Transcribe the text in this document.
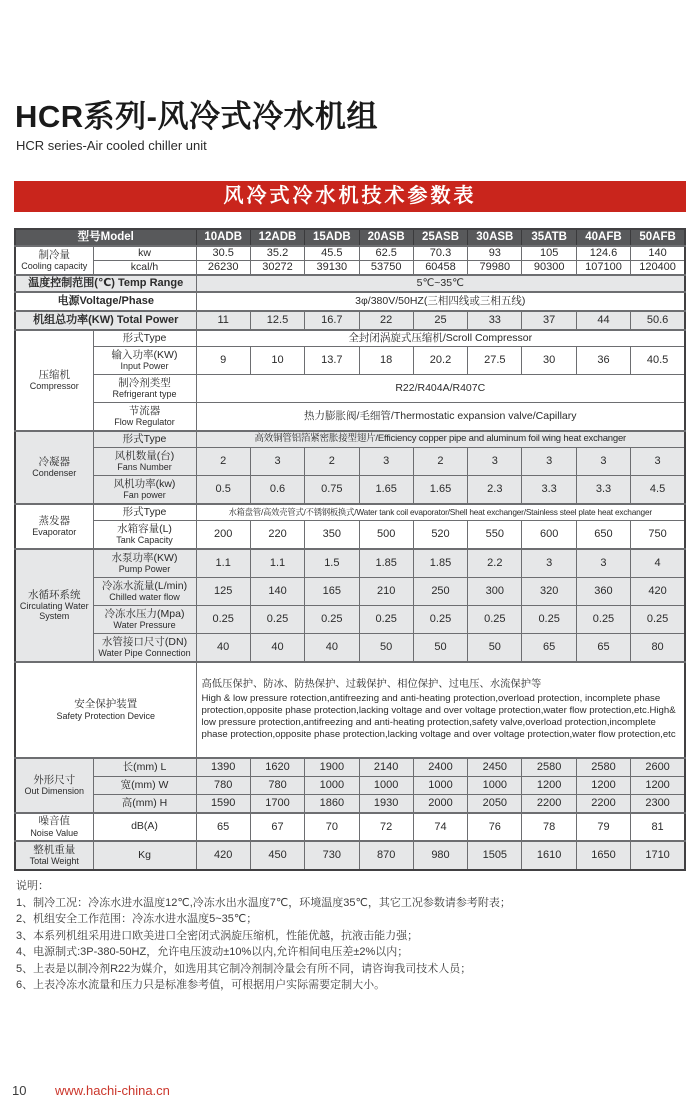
HCR系列-风冷式冷水机组
HCR series-Air cooled chiller unit
风冷式冷水机技术参数表
型号Model		10ADB	12ADB	15ADB	20ASB	25ASB	30ASB	35ATB	40AFB	50AFB

制冷量
Cooling capacity	kw	30.5	35.2	45.5	62.5	70.3	93	105	124.6	140

	kcal/h	26230	30272	39130	53750	60458	79980	90300	107100	120400
温度控制范围(℃) Temp Range		5℃~35℃								
电源Voltage/Phase		3φ/380V/50HZ(三相四线或三相五线)								
机组总功率(KW) Total Power		11	12.5	16.7	22	25	33	37	44	50.6

压缩机
Compressor	形式Type	全封闭涡旋式压缩机/Scroll Compressor								

	输入功率(KW)
Input Power	9	10	13.7	18	20.2	27.5	30	36	40.5

	制冷剂类型
Refrigerant type	R22/R404A/R407C								

	节流器
Flow Regulator	热力膨胀阀/毛细管/Thermostatic expansion valve/Capillary								

冷凝器
Condenser	形式Type	高效铜管铝箔紧密胀接型翅片/Efficiency copper pipe and aluminum foil wing heat exchanger								

	风机数量(台)
Fans Number	2	3	2	3	2	3	3	3	3

	风机功率(kw)
Fan power	0.5	0.6	0.75	1.65	1.65	2.3	3.3	3.3	4.5

蒸发器
Evaporator	形式Type	水箱盘管/高效壳管式/不锈钢板换式/Water tank coil evaporator/Shell heat exchanger/Stainless steel plate heat exchanger								

	水箱容量(L)
Tank Capacity	200	220	350	500	520	550	600	650	750

水循环系统
Circulating Water System

水泵功率(KW)
Pump Power	1.1	1.1	1.5	1.85	1.85	2.2	3	3	4

	冷冻水流量(L/min)
Chilled water flow	125	140	165	210	250	300	320	360	420

	冷冻水压力(Mpa)
Water Pressure	0.25	0.25	0.25	0.25	0.25	0.25	0.25	0.25	0.25

	水管接口尺寸(DN)
Water Pipe Connection	40	40	40	50	50	50	65	65	80

安全保护装置
Safety Protection Device

高低压保护、防冰、防热保护、过载保护、相位保护、过电压、水流保护等
High & low pressure rotection,antifreezing and anti-heating protection,overload protection, incomplete phase protection,opposite phase protection,lacking voltage and over voltage protection,water flow protection,etc.High& low pressure protection,antifreezing and anti-heating protection,safety valve,overload protection,incomplete phase protection,opposite phase protection,lacking voltage and over voltage protection,water flow protection,etc

外形尺寸
Out Dimension	长(mm) L	1390	1620	1900	2140	2400	2450	2580	2580	2600

	宽(mm) W	780	780	1000	1000	1000	1000	1200	1200	1200

	高(mm) H	1590	1700	1860	1930	2000	2050	2200	2200	2300

噪音值
Noise Value	dB(A)	65	67	70	72	74	76	78	79	81

整机重量
Total Weight	Kg	420	450	730	870	980	1505	1610	1650	1710
说明：
1、制冷工况：冷冻水进水温度12℃,冷冻水出水温度7℃，环境温度35℃，其它工况参数请参考附表；
2、机组安全工作范围：冷冻水进水温度5~35℃；
3、本系列机组采用进口欧美进口全密闭式涡旋压缩机，性能优越，抗液击能力强；
4、电源制式:3P-380-50HZ，允许电压波动±10%以内,允许相间电压差±2%以内；
5、上表是以制冷剂R22为媒介，如选用其它制冷剂制冷量会有所不同，请咨询我司技术人员；
6、上表冷冻水流量和压力只是标准参考值，可根据用户实际需要定制大小。
10 www.hachi-china.cn
